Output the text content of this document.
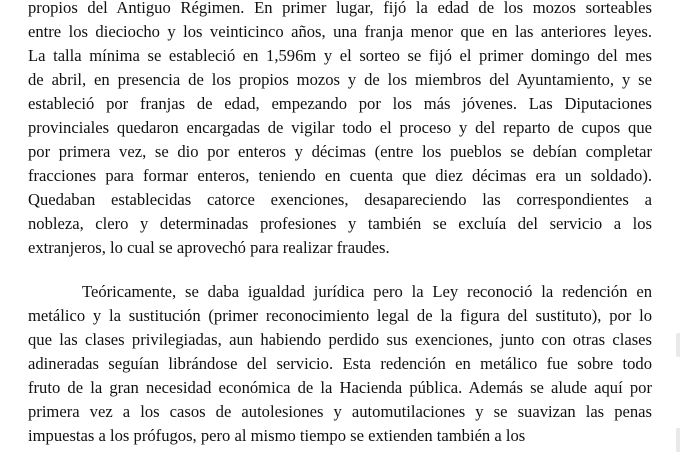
propios del Antiguo Régimen. En primer lugar, fijó la edad de los mozos sorteables
entre los dieciocho y los veinticinco años, una franja menor que en las anteriores leyes.
La talla mínima se estableció en 1,596m y el sorteo se fijó el primer domingo del mes
de abril, en presencia de los propios mozos y de los miembros del Ayuntamiento, y se
estableció por franjas de edad, empezando por los más jóvenes. Las Diputaciones
provinciales quedaron encargadas de vigilar todo el proceso y del reparto de cupos que
por primera vez, se dio por enteros y décimas (entre los pueblos se debían completar
fracciones para formar enteros, teniendo en cuenta que diez décimas era un soldado).
Quedaban establecidas catorce exenciones, desapareciendo las correspondientes a
nobleza, clero y determinadas profesiones y también se excluía del servicio a los
extranjeros, lo cual se aprovechó para realizar fraudes.
Teóricamente, se daba igualdad jurídica pero la Ley reconoció la redención en
metálico y la sustitución (primer reconocimiento legal de la figura del sustituto), por lo
que las clases privilegiadas, aun habiendo perdido sus exenciones, junto con otras clases
adineradas seguían librándose del servicio. Esta redención en metálico fue sobre todo
fruto de la gran necesidad económica de la Hacienda pública. Además se alude aquí por
primera vez a los casos de autolesiones y automutilaciones y se suavizan las penas
impuestas a los prófugos, pero al mismo tiempo se extienden también a los
